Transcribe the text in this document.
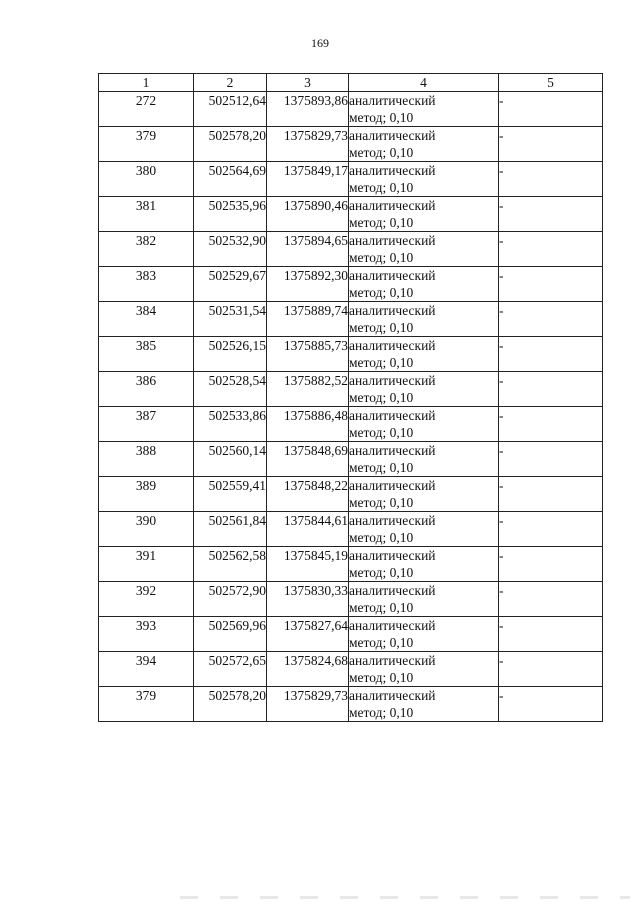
169
1	2	3	4	5
272	502512,64	1375893,86	аналитический
метод; 0,10	-
379	502578,20	1375829,73	аналитический
метод; 0,10	-
380	502564,69	1375849,17	аналитический
метод; 0,10	-
381	502535,96	1375890,46	аналитический
метод; 0,10	-
382	502532,90	1375894,65	аналитический
метод; 0,10	-
383	502529,67	1375892,30	аналитический
метод; 0,10	-
384	502531,54	1375889,74	аналитический
метод; 0,10	-
385	502526,15	1375885,73	аналитический
метод; 0,10	-
386	502528,54	1375882,52	аналитический
метод; 0,10	-
387	502533,86	1375886,48	аналитический
метод; 0,10	-
388	502560,14	1375848,69	аналитический
метод; 0,10	-
389	502559,41	1375848,22	аналитический
метод; 0,10	-
390	502561,84	1375844,61	аналитический
метод; 0,10	-
391	502562,58	1375845,19	аналитический
метод; 0,10	-
392	502572,90	1375830,33	аналитический
метод; 0,10	-
393	502569,96	1375827,64	аналитический
метод; 0,10	-
394	502572,65	1375824,68	аналитический
метод; 0,10	-
379	502578,20	1375829,73	аналитический
метод; 0,10	-
